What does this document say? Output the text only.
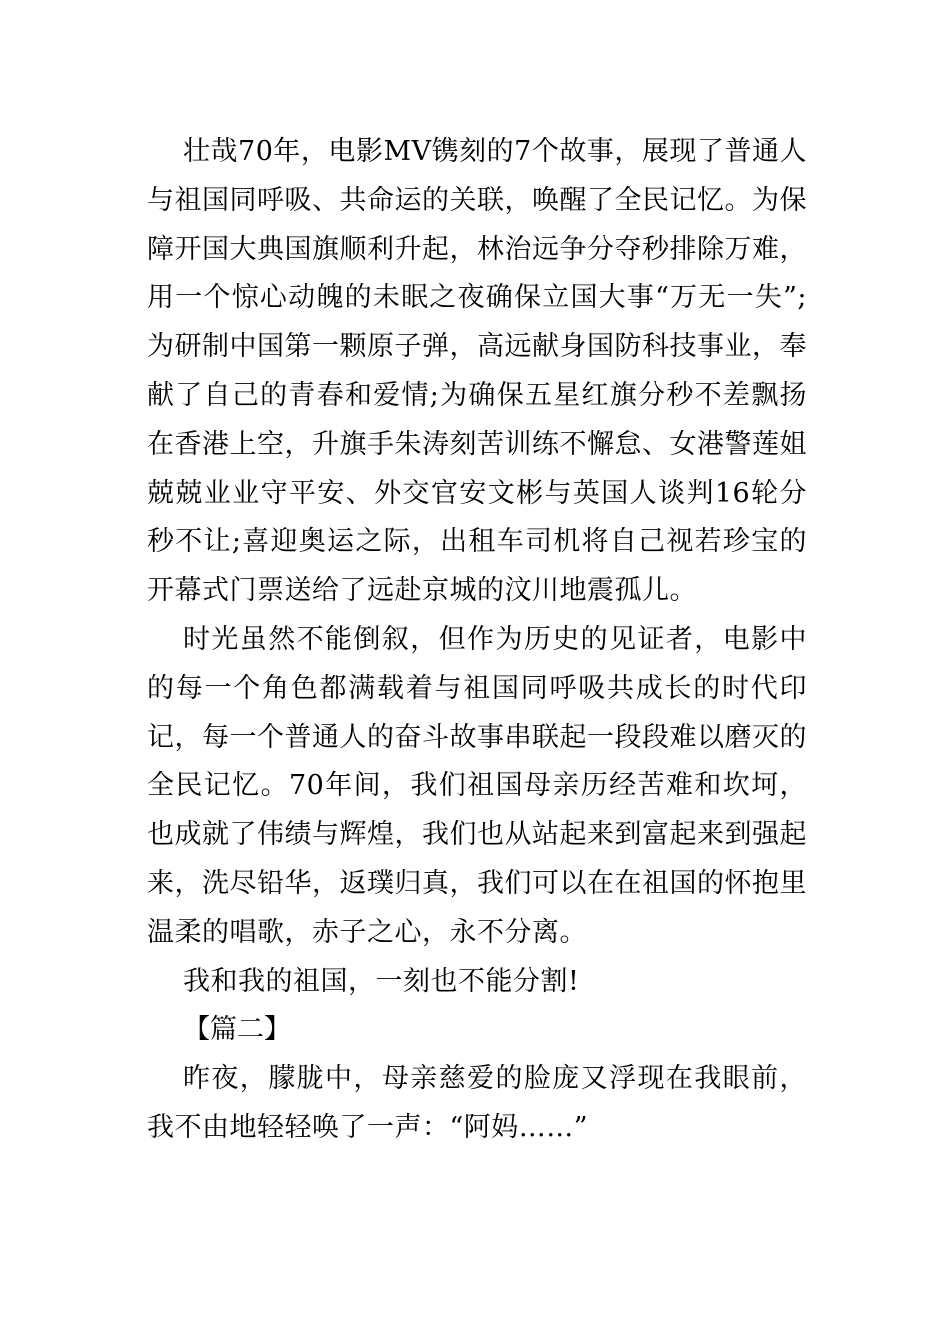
壮哉70年，电影MV镌刻的7个故事，展现了普通人与祖国同呼吸、共命运的关联，唤醒了全民记忆。为保障开国大典国旗顺利升起，林治远争分夺秒排除万难，用一个惊心动魄的未眠之夜确保立国大事“万无一失”;为研制中国第一颗原子弹，高远献身国防科技事业，奉献了自己的青春和爱情;为确保五星红旗分秒不差飘扬在香港上空，升旗手朱涛刻苦训练不懈怠、女港警莲姐兢兢业业守平安、外交官安文彬与英国人谈判16轮分秒不让;喜迎奥运之际，出租车司机将自己视若珍宝的开幕式门票送给了远赴京城的汶川地震孤儿。

时光虽然不能倒叙，但作为历史的见证者，电影中的每一个角色都满载着与祖国同呼吸共成长的时代印记，每一个普通人的奋斗故事串联起一段段难以磨灭的全民记忆。70年间，我们祖国母亲历经苦难和坎坷，也成就了伟绩与辉煌，我们也从站起来到富起来到强起来，洗尽铅华，返璞归真，我们可以在在祖国的怀抱里温柔的唱歌，赤子之心，永不分离。

我和我的祖国，一刻也不能分割!

【篇二】

昨夜，朦胧中，母亲慈爱的脸庞又浮现在我眼前，我不由地轻轻唤了一声：“阿妈……”
